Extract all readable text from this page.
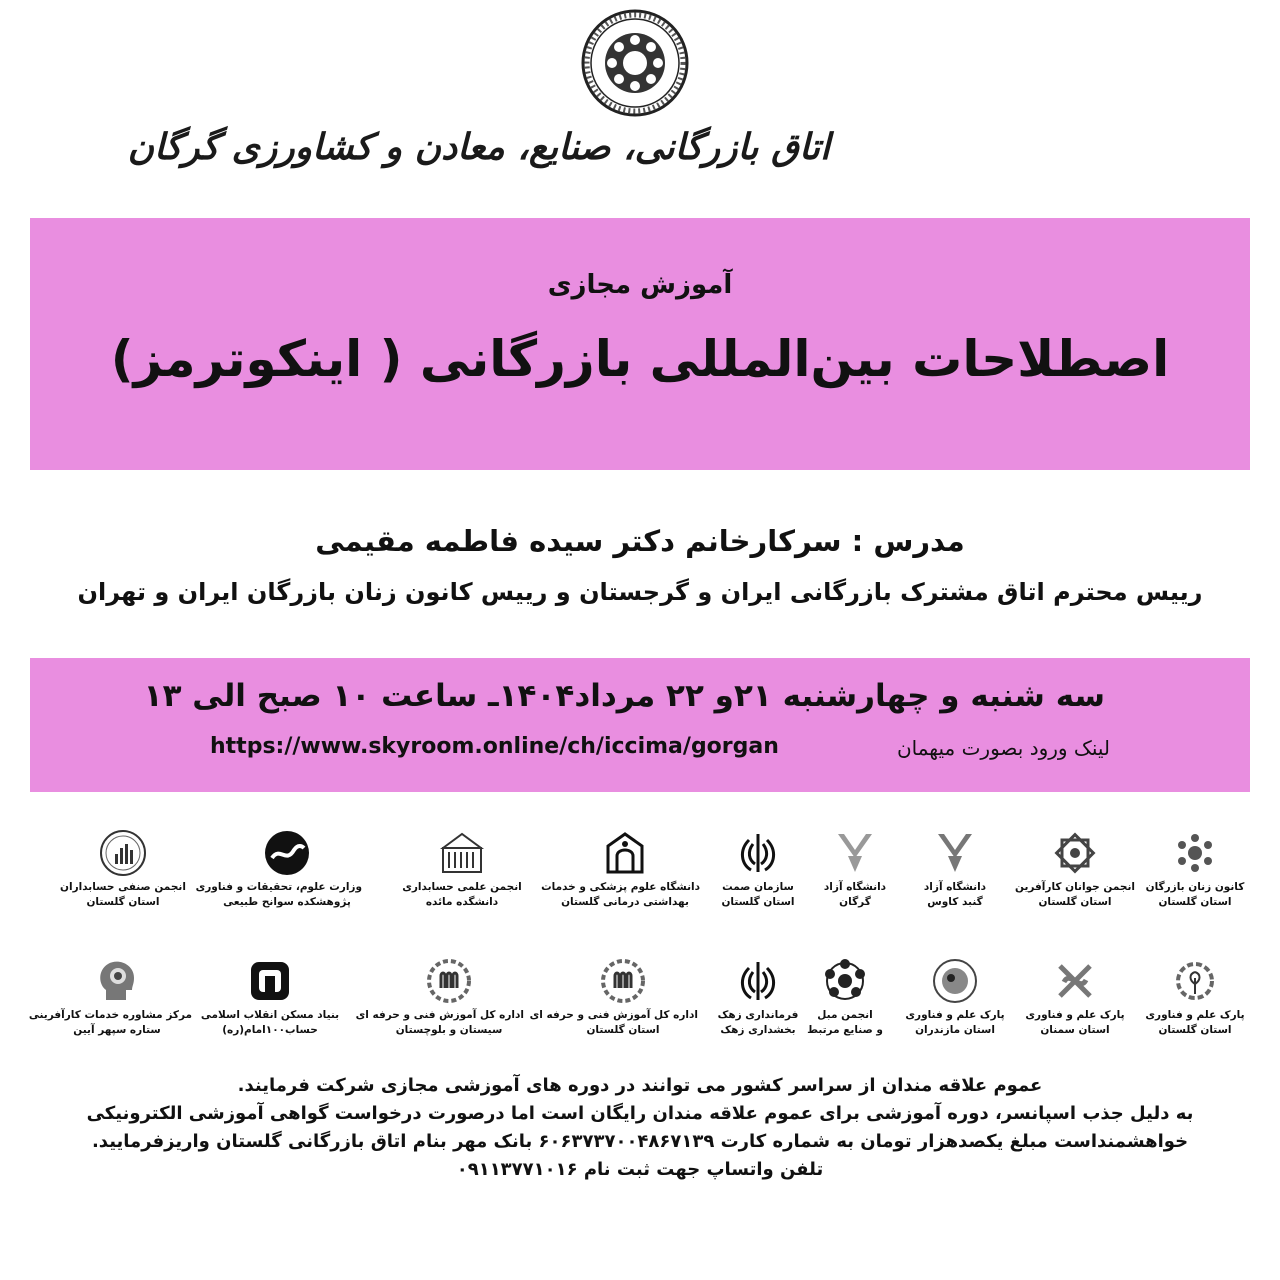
اتاق بازرگانی، صنایع، معادن و کشاورزی گرگان
آموزش مجازی
اصطلاحات بین‌المللی بازرگانی ( اینکوترمز)
مدرس : سرکارخانم دکتر سیده فاطمه مقیمی
رییس محترم اتاق مشترک بازرگانی ایران و گرجستان و رییس کانون زنان بازرگان ایران و تهران
سه شنبه و چهارشنبه ۲۱و ۲۲ مرداد۱۴۰۴ـ ساعت ۱۰ صبح الی ۱۳
لینک ورود بصورت میهمان
https://www.skyroom.online/ch/iccima/gorgan
کانون زنان بازرگان
استان گلستان
انجمن جوانان کارآفرین
استان گلستان
دانشگاه آزاد
گنبد کاوس
دانشگاه آزاد
گرگان
سازمان صمت
استان گلستان
دانشگاه علوم پزشکی و خدمات
بهداشتی درمانی گلستان
انجمن علمی حسابداری
دانشگده مائده
وزارت علوم، تحقیقات و فناوری
پژوهشکده سوانح طبیعی
انجمن صنفی حسابداران
استان گلستان
پارک علم و فناوری
استان گلستان
پارک علم و فناوری
استان سمنان
پارک علم و فناوری
استان مازندران
انجمن مبل
و صنایع مرتبط
فرمانداری زهک
بخشداری زهک
اداره کل آموزش فنی و حرفه ای
استان گلستان
اداره کل آموزش فنی و حرفه ای
سیستان و بلوچستان
بنیاد مسکن انقلاب اسلامی
حساب۱۰۰امام(ره)
مرکز مشاوره خدمات کارآفرینی
ستاره سپهر آیین
عموم علاقه مندان از سراسر کشور می توانند در دوره های آموزشی مجازی شرکت فرمایند.
به دلیل جذب اسپانسر، دوره آموزشی برای عموم علاقه مندان رایگان است اما درصورت درخواست گواهی آموزشی الکترونیکی
خواهشمنداست مبلغ یکصدهزار تومان به شماره کارت ۶۰۶۳۷۳۷۰۰۴۸۶۷۱۳۹ بانک مهر بنام اتاق بازرگانی گلستان واریزفرمایید.
تلفن واتساپ جهت ثبت نام ۰۹۱۱۳۷۷۱۰۱۶
